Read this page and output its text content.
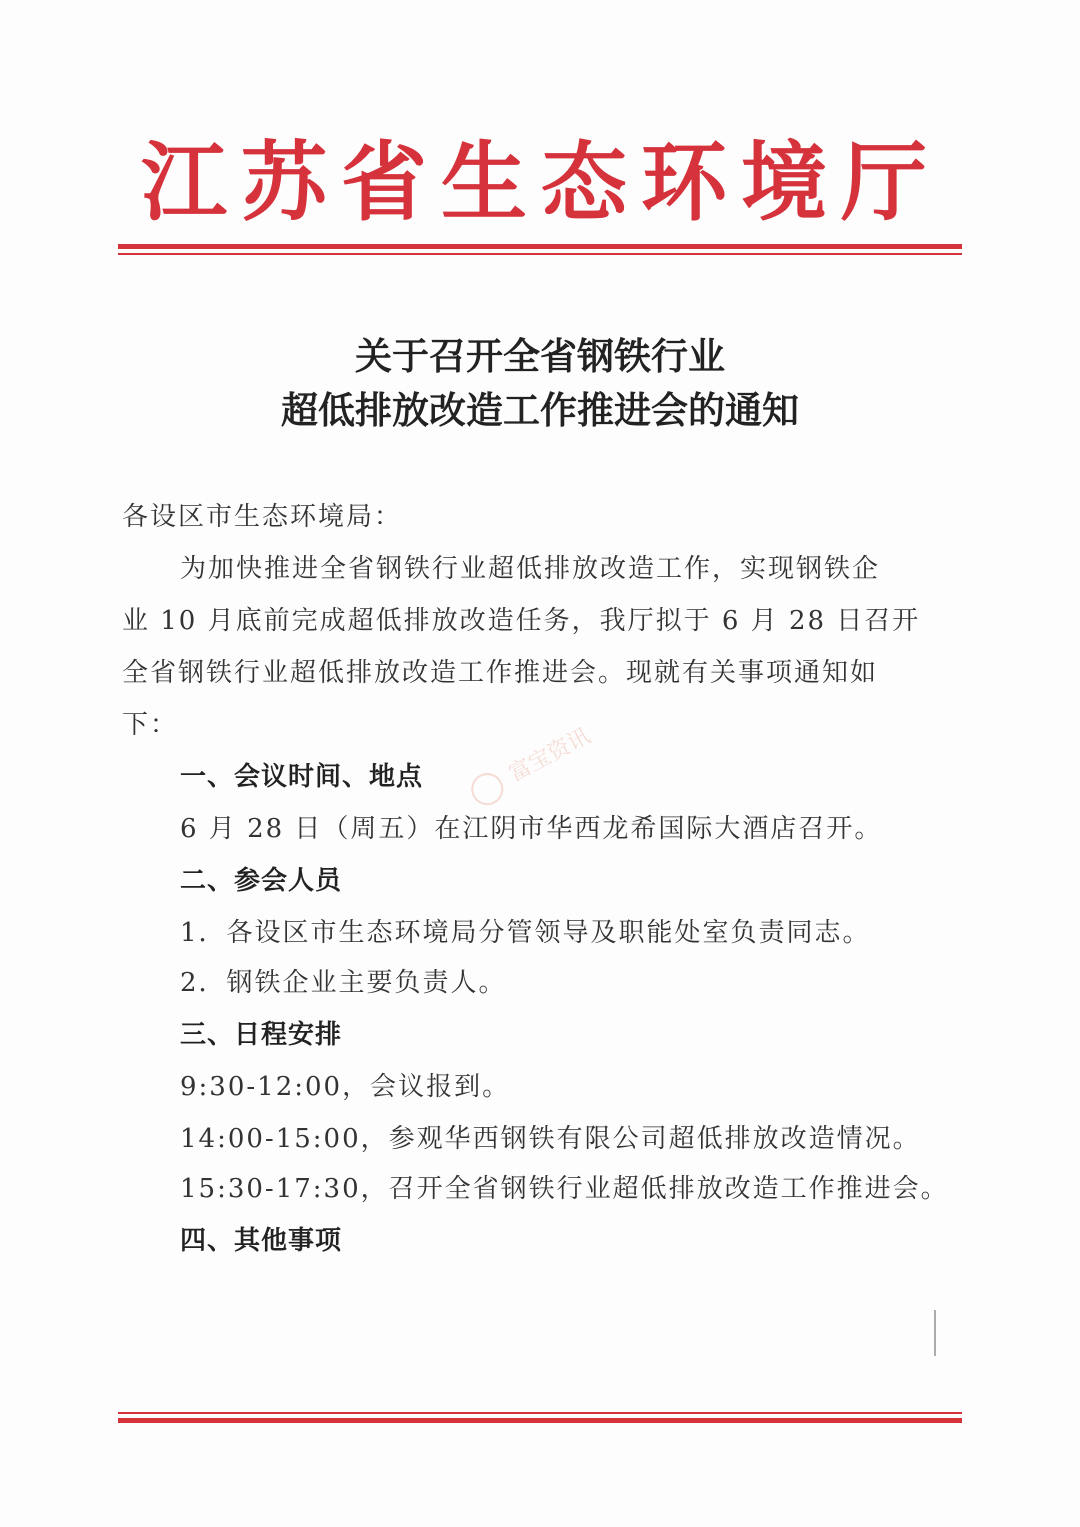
江苏省生态环境厅
关于召开全省钢铁行业
超低排放改造工作推进会的通知
各设区市生态环境局：
为加快推进全省钢铁行业超低排放改造工作，实现钢铁企
业 10 月底前完成超低排放改造任务，我厅拟于 6 月 28 日召开
全省钢铁行业超低排放改造工作推进会。现就有关事项通知如
下：
一、会议时间、地点
6 月 28 日（周五）在江阴市华西龙希国际大酒店召开。
二、参会人员
1．各设区市生态环境局分管领导及职能处室负责同志。
2．钢铁企业主要负责人。
三、日程安排
9:30-12:00，会议报到。
14:00-15:00，参观华西钢铁有限公司超低排放改造情况。
15:30-17:30，召开全省钢铁行业超低排放改造工作推进会。
四、其他事项
富宝资讯
